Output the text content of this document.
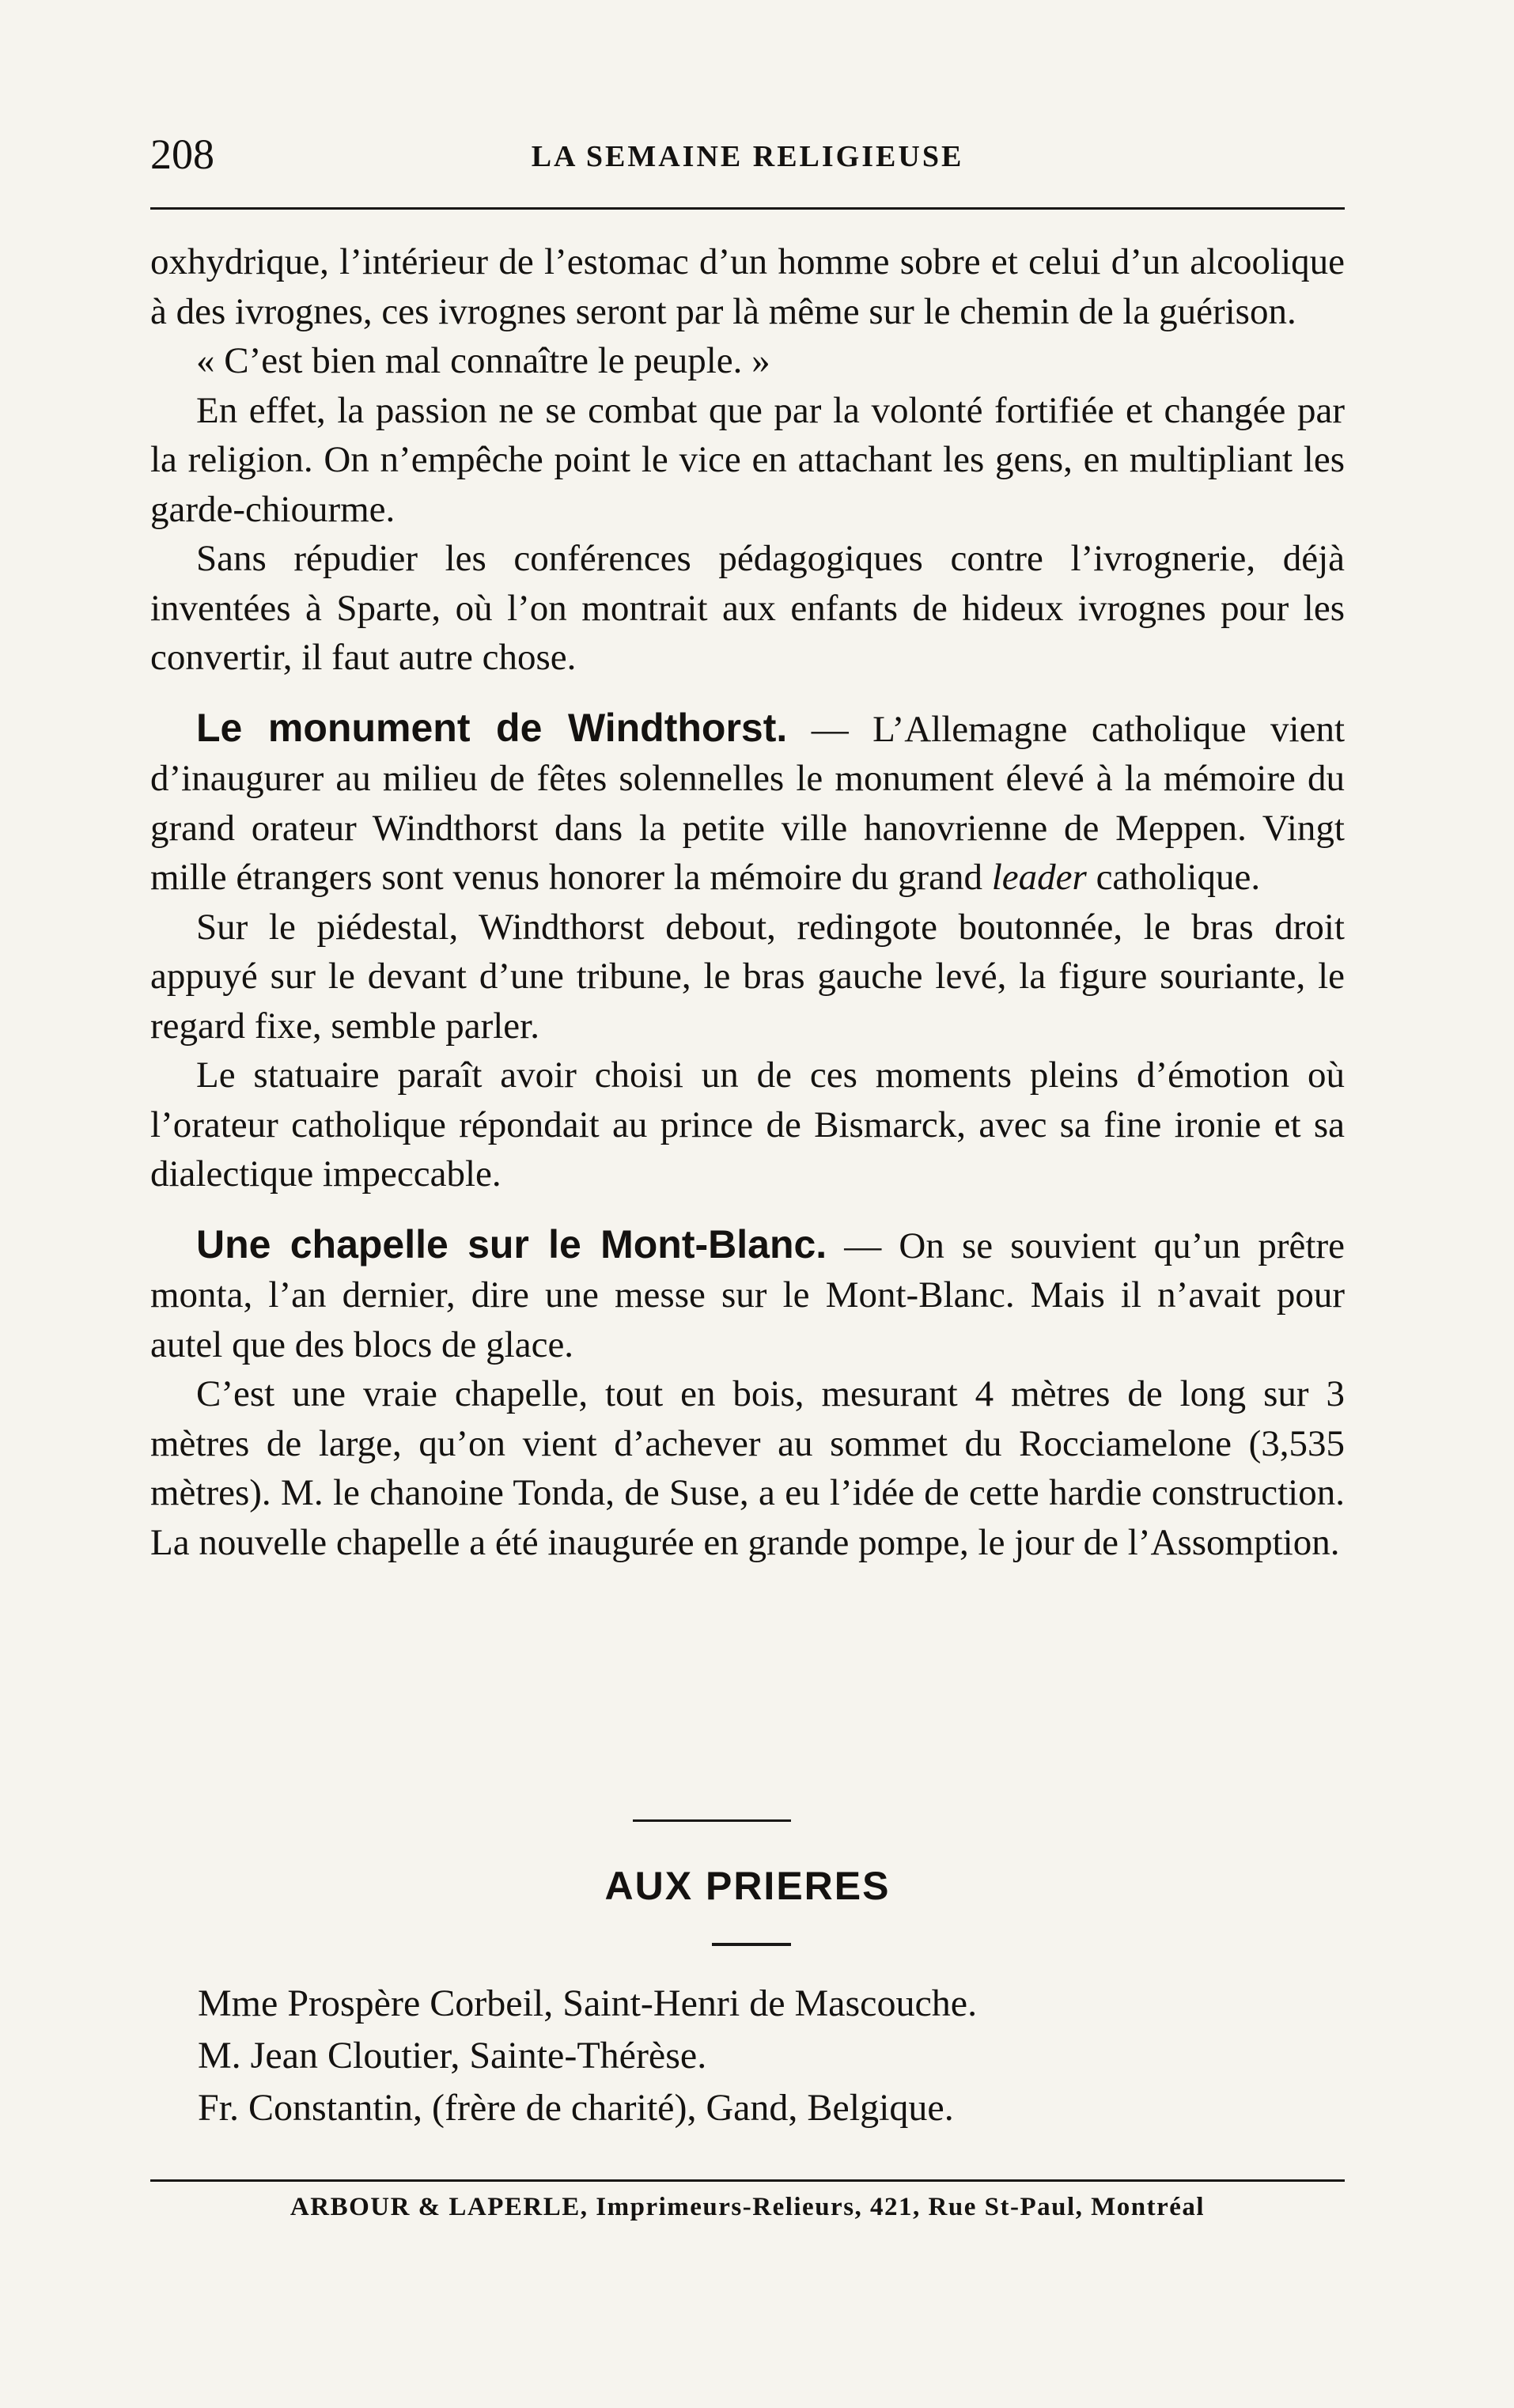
208	LA SEMAINE RELIGIEUSE

oxhydrique, l’intérieur de l’estomac d’un homme sobre et celui d’un alcoolique à des ivrognes, ces ivrognes seront par là même sur le chemin de la guérison.

« C’est bien mal connaître le peuple. »

En effet, la passion ne se combat que par la volonté fortifiée et changée par la religion. On n’empêche point le vice en attachant les gens, en multipliant les garde-chiourme.

Sans répudier les conférences pédagogiques contre l’ivrognerie, déjà inventées à Sparte, où l’on montrait aux enfants de hideux ivrognes pour les convertir, il faut autre chose.

Le monument de Windthorst. — L’Allemagne catholique vient d’inaugurer au milieu de fêtes solennelles le monument élevé à la mémoire du grand orateur Windthorst dans la petite ville hanovrienne de Meppen. Vingt mille étrangers sont venus honorer la mémoire du grand leader catholique.

Sur le piédestal, Windthorst debout, redingote boutonnée, le bras droit appuyé sur le devant d’une tribune, le bras gauche levé, la figure souriante, le regard fixe, semble parler.

Le statuaire paraît avoir choisi un de ces moments pleins d’émotion où l’orateur catholique répondait au prince de Bismarck, avec sa fine ironie et sa dialectique impeccable.

Une chapelle sur le Mont-Blanc. — On se souvient qu’un prêtre monta, l’an dernier, dire une messe sur le Mont-Blanc. Mais il n’avait pour autel que des blocs de glace.

C’est une vraie chapelle, tout en bois, mesurant 4 mètres de long sur 3 mètres de large, qu’on vient d’achever au sommet du Rocciamelone (3,535 mètres). M. le chanoine Tonda, de Suse, a eu l’idée de cette hardie construction. La nouvelle chapelle a été inaugurée en grande pompe, le jour de l’Assomption.

AUX PRIERES
Mme Prospère Corbeil, Saint-Henri de Mascouche.
M. Jean Cloutier, Sainte-Thérèse.
Fr. Constantin, (frère de charité), Gand, Belgique.
ARBOUR & LAPERLE, Imprimeurs-Relieurs, 421, Rue St-Paul, Montréal
